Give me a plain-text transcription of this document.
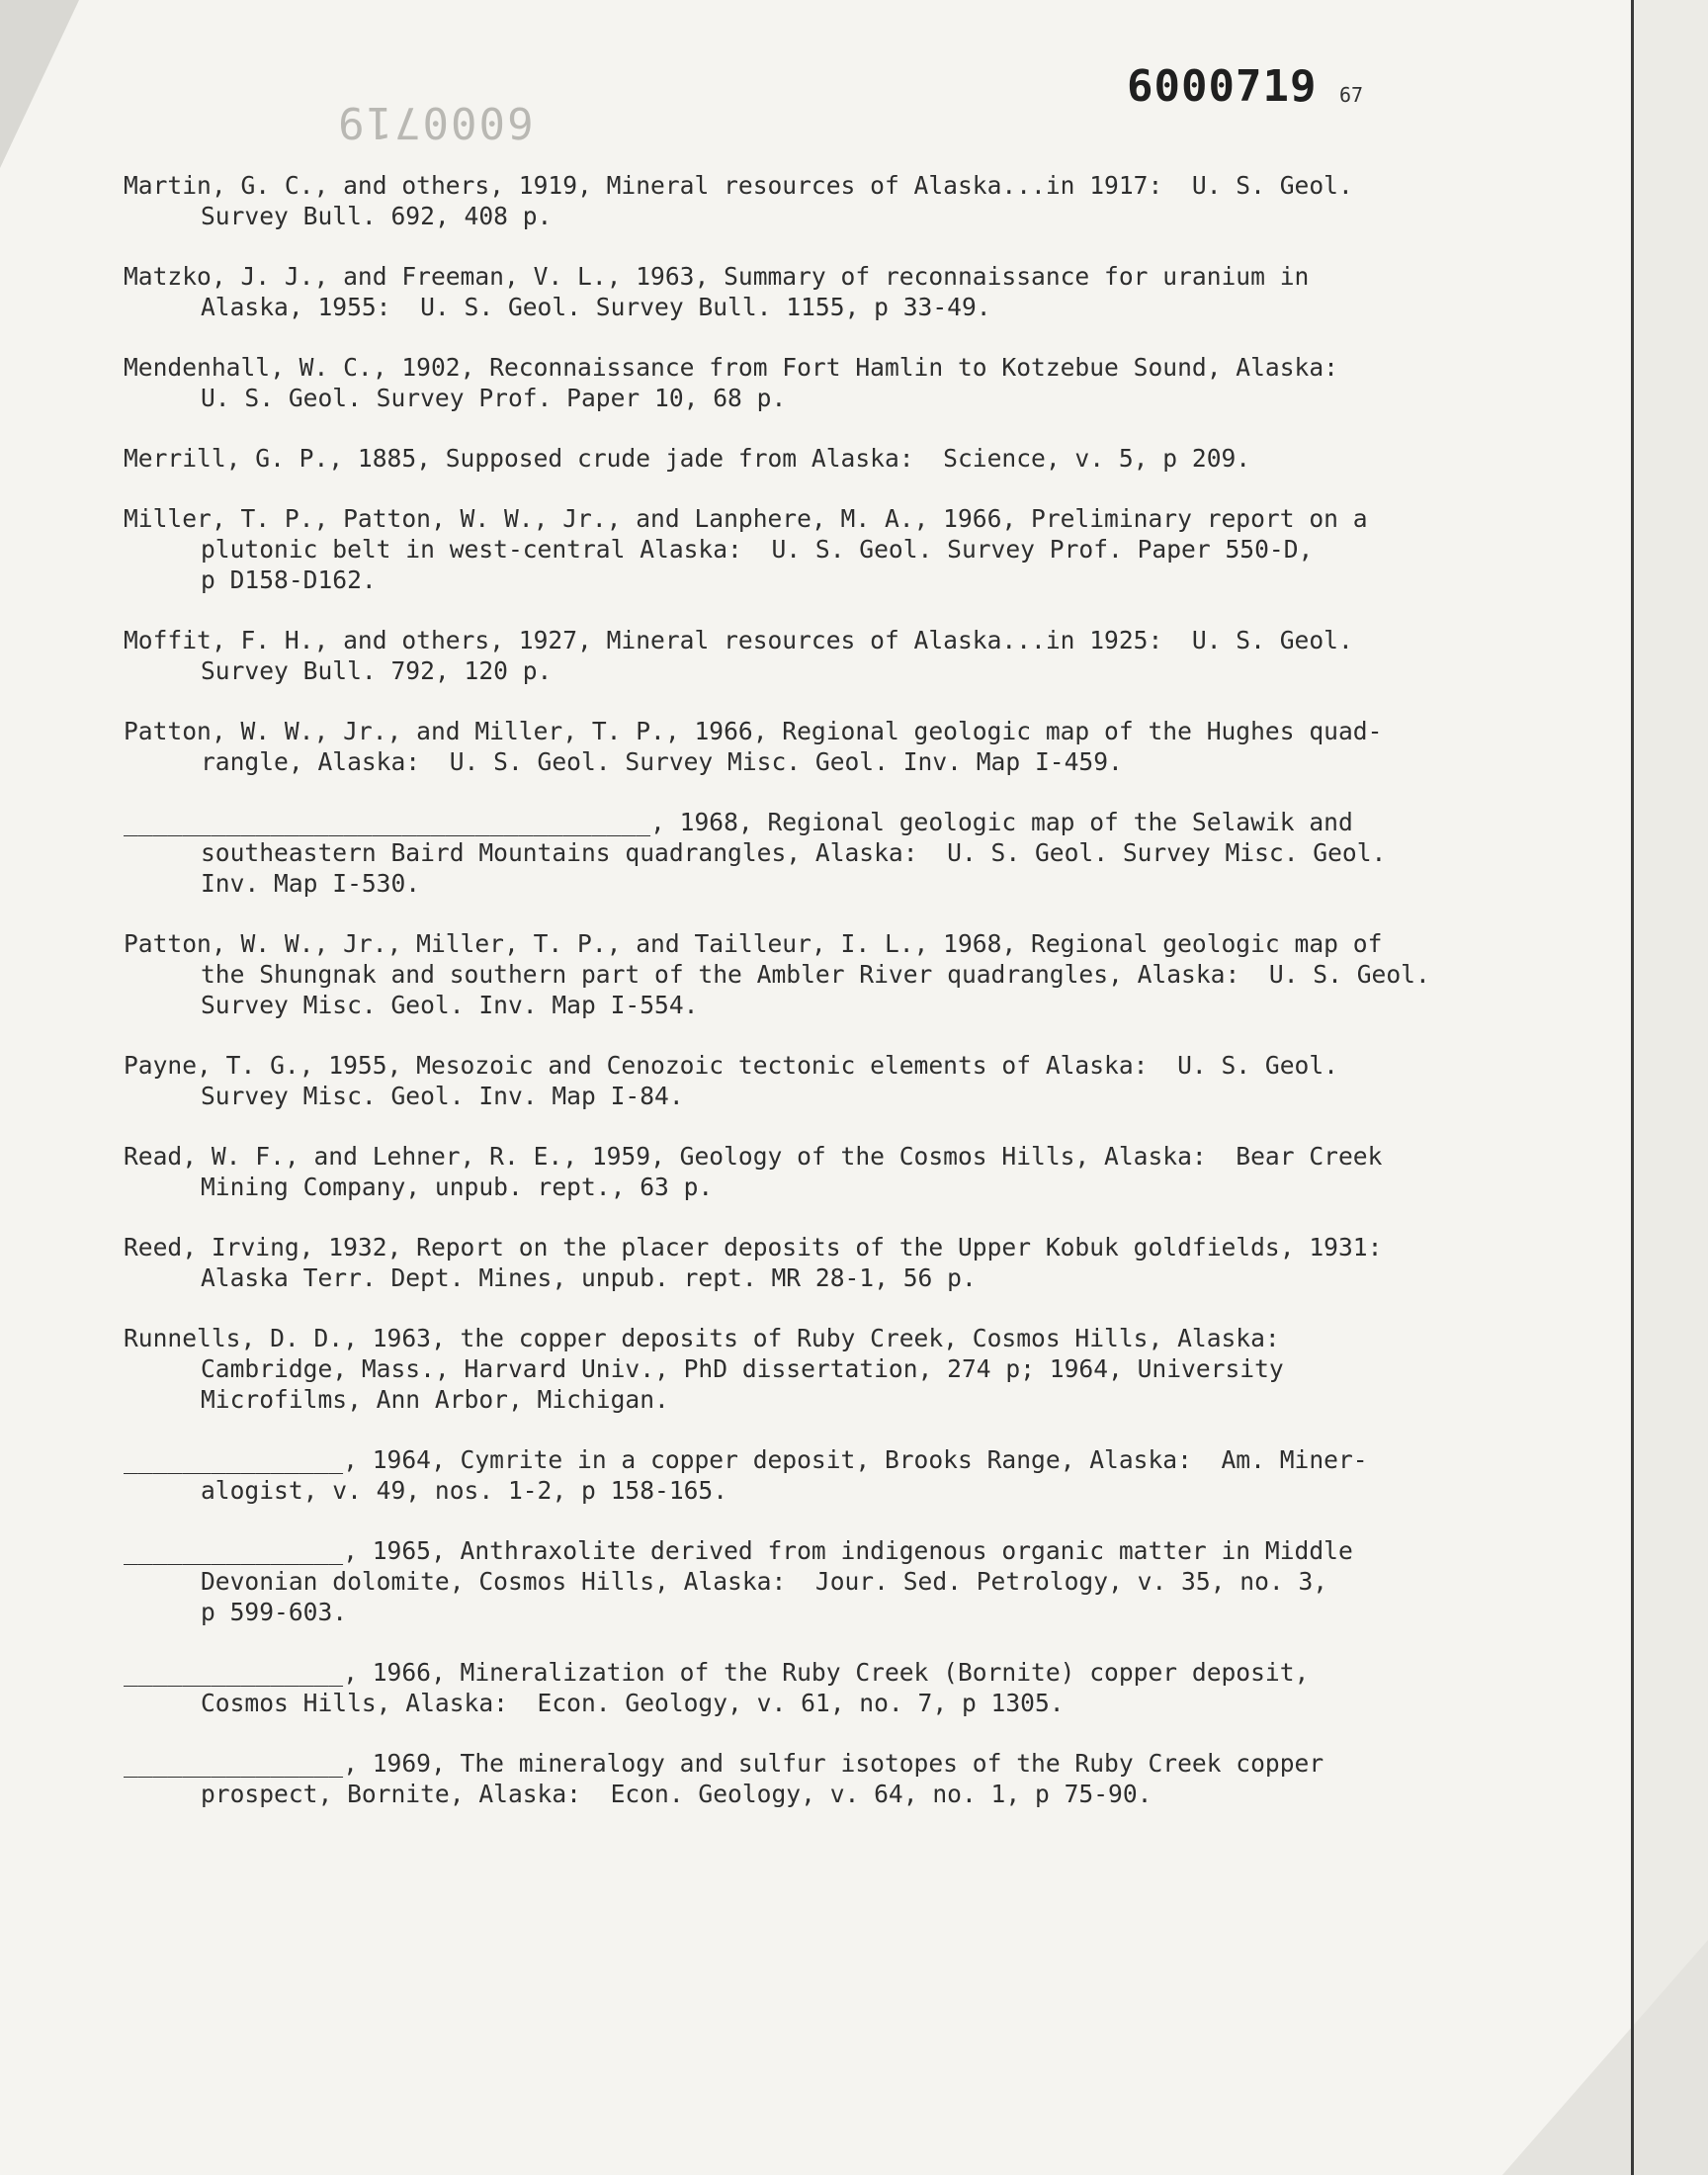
6000719
6000719 67

Martin, G. C., and others, 1919, Mineral resources of Alaska...in 1917:  U. S. Geol.
Survey Bull. 692, 408 p.

Matzko, J. J., and Freeman, V. L., 1963, Summary of reconnaissance for uranium in
Alaska, 1955:  U. S. Geol. Survey Bull. 1155, p 33-49.

Mendenhall, W. C., 1902, Reconnaissance from Fort Hamlin to Kotzebue Sound, Alaska:
U. S. Geol. Survey Prof. Paper 10, 68 p.

Merrill, G. P., 1885, Supposed crude jade from Alaska:  Science, v. 5, p 209.

Miller, T. P., Patton, W. W., Jr., and Lanphere, M. A., 1966, Preliminary report on a
plutonic belt in west-central Alaska:  U. S. Geol. Survey Prof. Paper 550-D,
p D158-D162.

Moffit, F. H., and others, 1927, Mineral resources of Alaska...in 1925:  U. S. Geol.
Survey Bull. 792, 120 p.

Patton, W. W., Jr., and Miller, T. P., 1966, Regional geologic map of the Hughes quad-
rangle, Alaska:  U. S. Geol. Survey Misc. Geol. Inv. Map I-459.

____________________________________, 1968, Regional geologic map of the Selawik and
southeastern Baird Mountains quadrangles, Alaska:  U. S. Geol. Survey Misc. Geol.
Inv. Map I-530.

Patton, W. W., Jr., Miller, T. P., and Tailleur, I. L., 1968, Regional geologic map of
the Shungnak and southern part of the Ambler River quadrangles, Alaska:  U. S. Geol.
Survey Misc. Geol. Inv. Map I-554.

Payne, T. G., 1955, Mesozoic and Cenozoic tectonic elements of Alaska:  U. S. Geol.
Survey Misc. Geol. Inv. Map I-84.

Read, W. F., and Lehner, R. E., 1959, Geology of the Cosmos Hills, Alaska:  Bear Creek
Mining Company, unpub. rept., 63 p.

Reed, Irving, 1932, Report on the placer deposits of the Upper Kobuk goldfields, 1931:
Alaska Terr. Dept. Mines, unpub. rept. MR 28-1, 56 p.

Runnells, D. D., 1963, the copper deposits of Ruby Creek, Cosmos Hills, Alaska:
Cambridge, Mass., Harvard Univ., PhD dissertation, 274 p; 1964, University
Microfilms, Ann Arbor, Michigan.

_______________, 1964, Cymrite in a copper deposit, Brooks Range, Alaska:  Am. Miner-
alogist, v. 49, nos. 1-2, p 158-165.

_______________, 1965, Anthraxolite derived from indigenous organic matter in Middle
Devonian dolomite, Cosmos Hills, Alaska:  Jour. Sed. Petrology, v. 35, no. 3,
p 599-603.

_______________, 1966, Mineralization of the Ruby Creek (Bornite) copper deposit,
Cosmos Hills, Alaska:  Econ. Geology, v. 61, no. 7, p 1305.

_______________, 1969, The mineralogy and sulfur isotopes of the Ruby Creek copper
prospect, Bornite, Alaska:  Econ. Geology, v. 64, no. 1, p 75-90.
